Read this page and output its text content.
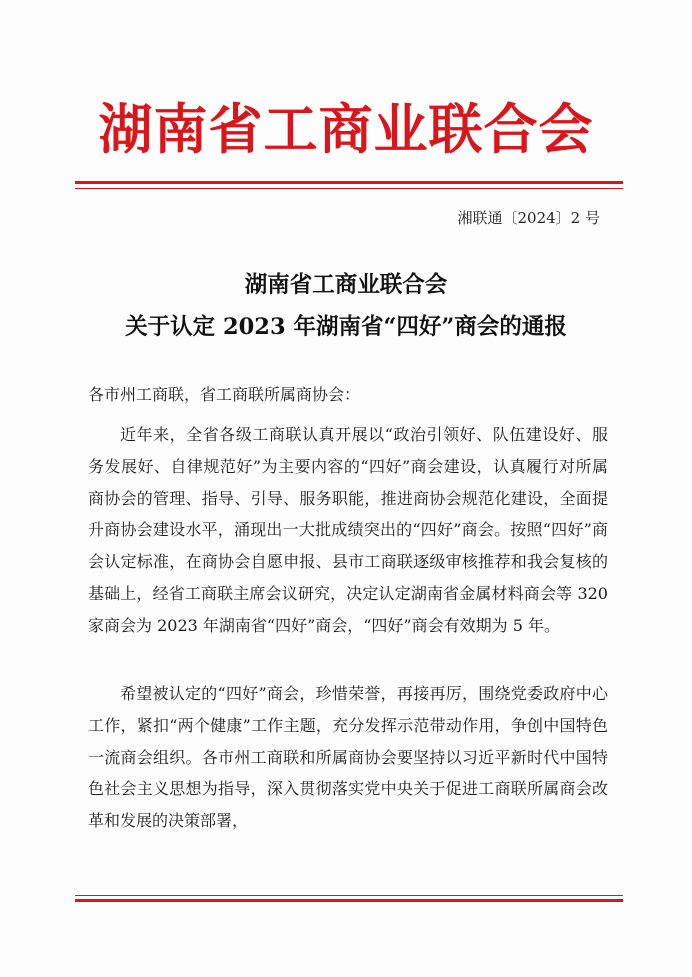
湖南省工商业联合会
湘联通〔2024〕2 号
湖南省工商业联合会
关于认定 2023 年湖南省“四好”商会的通报
各市州工商联，省工商联所属商协会：
近年来，全省各级工商联认真开展以“政治引领好、队伍建设好、服务发展好、自律规范好”为主要内容的“四好”商会建设，认真履行对所属商协会的管理、指导、引导、服务职能，推进商协会规范化建设，全面提升商协会建设水平，涌现出一大批成绩突出的“四好”商会。按照“四好”商会认定标准，在商协会自愿申报、县市工商联逐级审核推荐和我会复核的基础上，经省工商联主席会议研究，决定认定湖南省金属材料商会等 320 家商会为 2023 年湖南省“四好”商会，“四好”商会有效期为 5 年。
希望被认定的“四好”商会，珍惜荣誉，再接再厉，围绕党委政府中心工作，紧扣“两个健康”工作主题，充分发挥示范带动作用，争创中国特色一流商会组织。各市州工商联和所属商协会要坚持以习近平新时代中国特色社会主义思想为指导，深入贯彻落实党中央关于促进工商联所属商会改革和发展的决策部署，
